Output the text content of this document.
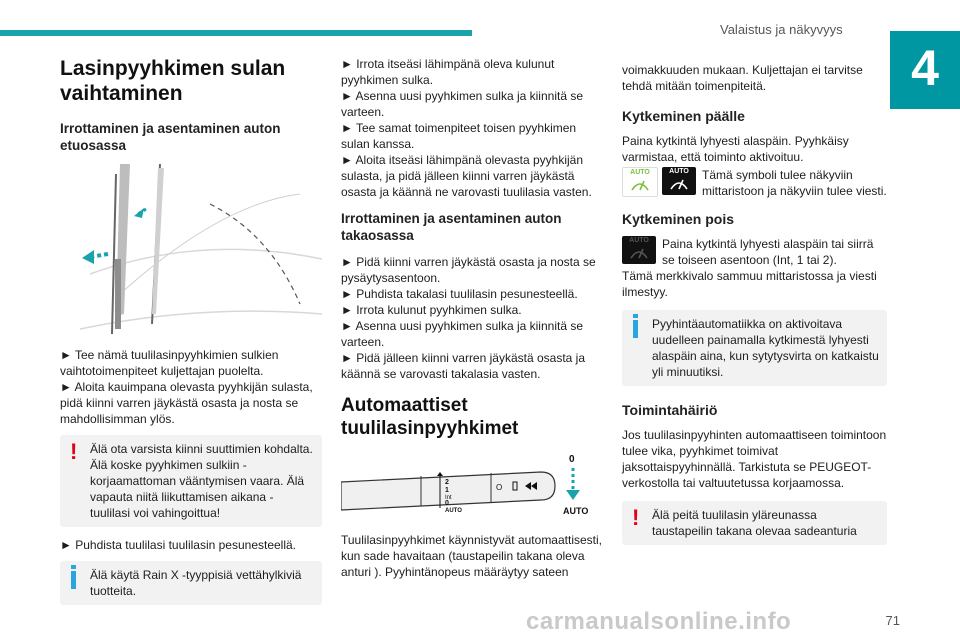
Valaistus ja näkyvyys
4
Lasinpyyhkimen sulan vaihtaminen
Irrottaminen ja asentaminen auton etuosassa

► Tee nämä tuulilasinpyyhkimien sulkien vaihtotoimenpiteet kuljettajan puolelta.

► Aloita kauimpana olevasta pyyhkijän sulasta, pidä kiinni varren jäykästä osasta ja nosta se mahdollisimman ylös.

! Älä ota varsista kiinni suuttimien kohdalta. Älä koske pyyhkimen sulkiin - korjaamattoman vääntymisen vaara. Älä vapauta niitä liikuttamisen aikana - tuulilasi voi vahingoittua!

► Puhdista tuulilasi tuulilasin pesunesteellä.

Älä käytä Rain X -tyyppisiä vettähylkiviä tuotteita.

► Irrota itseäsi lähimpänä oleva kulunut pyyhkimen sulka.

► Asenna uusi pyyhkimen sulka ja kiinnitä se varteen.

► Tee samat toimenpiteet toisen pyyhkimen sulan kanssa.

► Aloita itseäsi lähimpänä olevasta pyyhkijän sulasta, ja pidä jälleen kiinni varren jäykästä osasta ja käännä ne varovasti tuulilasia vasten.

Irrottaminen ja asentaminen auton takaosassa

► Pidä kiinni varren jäykästä osasta ja nosta se pysäytysasentoon.

► Puhdista takalasi tuulilasin pesunesteellä.

► Irrota kulunut pyyhkimen sulka.

► Asenna uusi pyyhkimen sulka ja kiinnitä se varteen.

► Pidä jälleen kiinni varren jäykästä osasta ja käännä se varovasti takalasia vasten.

Automaattiset tuulilasinpyyhkimet
2
1
Int
0
AUTO
O
0
AUTO

Tuulilasinpyyhkimet käynnistyvät automaattisesti, kun sade havaitaan (taustapeilin takana oleva anturi ). Pyyhintänopeus määräytyy sateen

voimakkuuden mukaan. Kuljettajan ei tarvitse tehdä mitään toimenpiteitä.

Kytkeminen päälle

Paina kytkintä lyhyesti alaspäin. Pyyhkäisy varmistaa, että toiminto aktivoituu.

AUTO	AUTO	Tämä symboli tulee näkyviin mittaristoon ja näkyviin tulee viesti.

Kytkeminen pois
AUTO	Paina kytkintä lyhyesti alaspäin tai siirrä se toiseen asentoon (Int, 1 tai 2).

Tämä merkkivalo sammuu mittaristossa ja viesti ilmestyy.

Pyyhintäautomatiikka on aktivoitava uudelleen painamalla kytkimestä lyhyesti alaspäin aina, kun sytytysvirta on katkaistu yli minuutiksi.
Toimintahäiriö

Jos tuulilasinpyyhinten automaattiseen toimintoon tulee vika, pyyhkimet toimivat jaksottaispyyhinnällä. Tarkistuta se PEUGEOT-verkostolla tai valtuutetussa korjaamossa.

! Älä peitä tuulilasin yläreunassa taustapeilin takana olevaa sadeanturia
71
carmanualsonline.info
